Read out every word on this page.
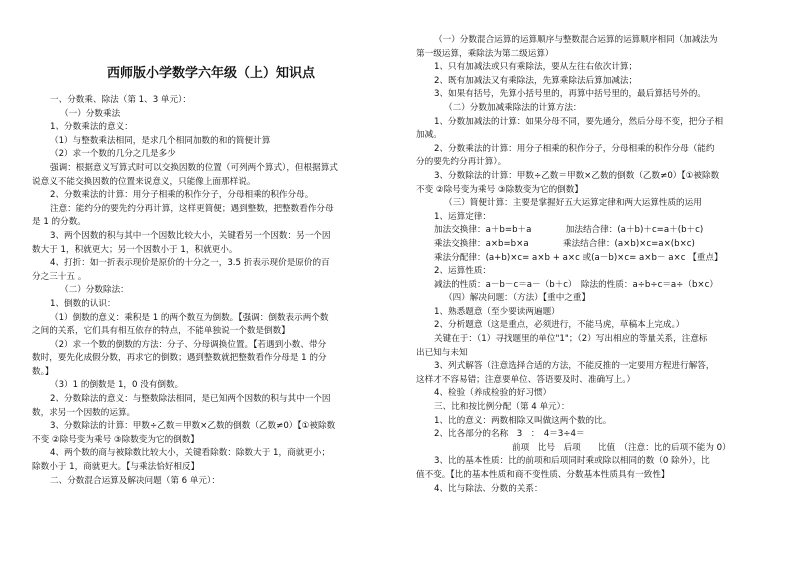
西师版小学数学六年级（上）知识点

一、分数乘、除法（第 1、3 单元）：

（一）分数乘法

1、分数乘法的意义：

（1）与整数乘法相同，是求几个相同加数的和的简便计算

（2）求一个数的几分之几是多少

强调：根据意义写算式时可以交换因数的位置（可列两个算式），但根据算式

说意义不能交换因数的位置来说意义，只能像上面那样说。

2、分数乘法的计算：用分子相乘的积作分子，分母相乘的积作分母。

注意：能约分的要先约分再计算，这样更简便；遇到整数，把整数看作分母

是 1 的分数。

3、两个因数的积与其中一个因数比较大小，关键看另一个因数：另一个因

数大于 1，积就更大；另一个因数小于 1，积就更小。

4、打折：如一折表示现价是原价的十分之一，3.5 折表示现价是原价的百

分之三十五 。

（二）分数除法：

1、倒数的认识：

（1）倒数的意义：乘积是 1 的两个数互为倒数。【强调：倒数表示两个数

之间的关系，它们具有相互依存的特点，不能单独说一个数是倒数】

（2）求一个数的倒数的方法：分子、分母调换位置。【若遇到小数、带分

数时，要先化成假分数，再求它的倒数；遇到整数就把整数看作分母是 1 的分

数。】

（3）1 的倒数是 1，0 没有倒数。

2、分数除法的意义：与整数除法相同，是已知两个因数的积与其中一个因

数，求另一个因数的运算。

3、分数除法的计算：甲数÷乙数＝甲数×乙数的倒数（乙数≠0）【①被除数

不变 ②除号变为乘号 ③除数变为它的倒数】

4、两个数的商与被除数比较大小，关键看除数：除数大于 1，商就更小；

除数小于 1，商就更大。【与乘法恰好相反】

二、分数混合运算及解决问题（第 6 单元）：

（一）分数混合运算的运算顺序与整数混合运算的运算顺序相同（加减法为

第一级运算，乘除法为第二级运算）

1、只有加减法或只有乘除法，要从左往右依次计算；

2、既有加减法又有乘除法，先算乘除法后算加减法；

3、如果有括号，先算小括号里的，再算中括号里的，最后算括号外的。

（二）分数加减乘除法的计算方法：

1、分数加减法的计算：如果分母不同，要先通分，然后分母不变，把分子相

加减。

2、分数乘法的计算：用分子相乘的积作分子，分母相乘的积作分母（能约

分的要先约分再计算）。

3、分数除法的计算：甲数÷乙数＝甲数×乙数的倒数（乙数≠0）【①被除数

不变 ②除号变为乘号 ③除数变为它的倒数】

（三）简便计算：主要是掌握好五大运算定律和两大运算性质的运用

1、运算定律：

加法交换律：a＋b=b＋a　　　　加法结合律：(a＋b)＋c=a＋(b＋c)

乘法交换律：a×b=b×a　　　　乘法结合律：(a×b)×c=a×(b×c)

乘法分配律：(a+b)×c= a×b + a×c 或(a－b)×c= a×b－ a×c 【重点】

2、运算性质：

减法的性质：a－b－c＝a－（b＋c）　除法的性质：a÷b÷c＝a÷（b×c）

（四）解决问题：（方法）【重中之重】

1、熟悉题意（至少要读两遍题）

2、分析题意（这是重点，必须进行，不能马虎，草稿本上完成。）

关键在于：（1）寻找题里的单位"1"；（2）写出相应的等量关系，注意标

出已知与未知

3、列式解答（注意选择合适的方法，不能反推的一定要用方程进行解答，

这样才不容易错；注意要单位、答语要及时、准确写上。）

4、检验（养成检验的好习惯）

三、比和按比例分配（第 4 单元）：

1、比的意义：两数相除又叫做这两个数的比。

2、比各部分的名称　3　：　4＝3÷4＝

前项　比号　后项　　比值　（注意：比的后项不能为 0）

3、比的基本性质：比的前项和后项同时乘或除以相同的数（0 除外），比

值不变。【比的基本性质和商不变性质、分数基本性质具有一致性】

4、比与除法、分数的关系：
